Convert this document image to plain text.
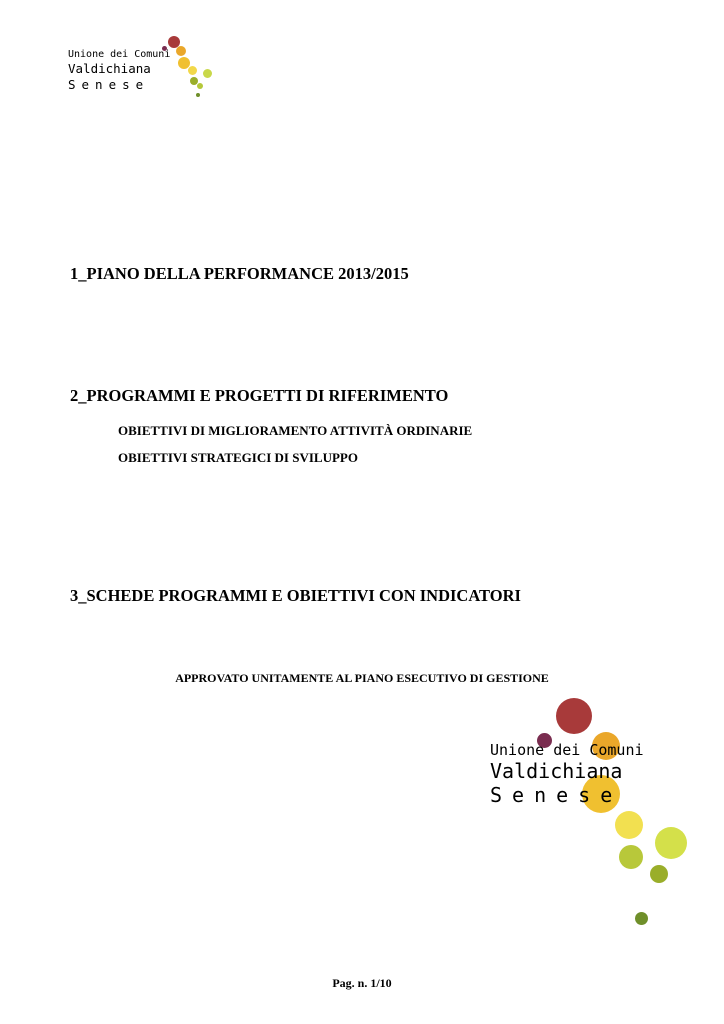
Unione dei Comuni
Valdichiana
Senese
1_PIANO DELLA PERFORMANCE 2013/2015
2_PROGRAMMI E PROGETTI DI RIFERIMENTO
OBIETTIVI DI MIGLIORAMENTO ATTIVITÀ ORDINARIE
OBIETTIVI STRATEGICI DI SVILUPPO
3_SCHEDE PROGRAMMI E OBIETTIVI CON INDICATORI
APPROVATO UNITAMENTE AL PIANO ESECUTIVO DI GESTIONE
Unione dei Comuni
Valdichiana
Senese
Pag. n. 1/10
